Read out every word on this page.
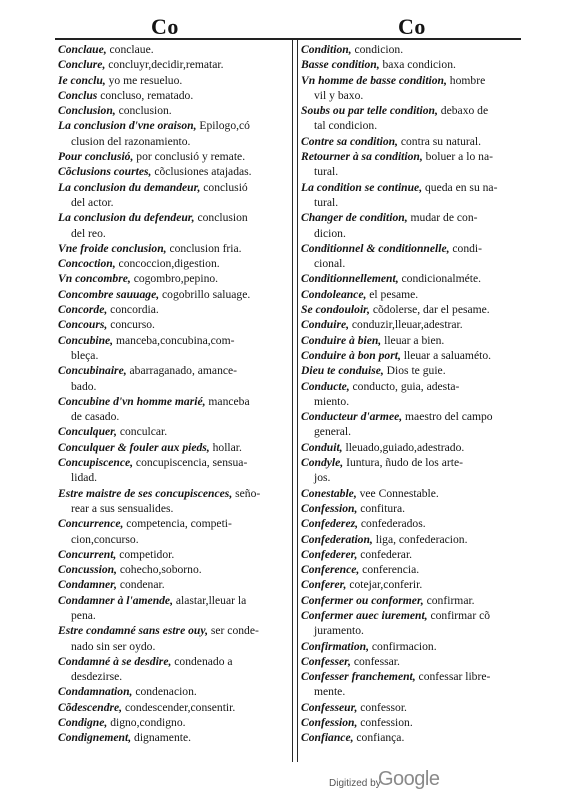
Co	Co
Conclaue, conclaue.
Conclure, concluyr,decidir,rematar.
Ie conclu, yo me resueluo.
Conclus concluso, rematado.
Conclusion, conclusion.
La conclusion d'vne oraison, Epilogo,có
clusion del razonamiento.
Pour conclusió, por conclusió y remate.
Cõclusions courtes, cõclusiones atajadas.
La conclusion du demandeur, conclusió
del actor.
La conclusion du defendeur, conclusion
del reo.
Vne froide conclusion, conclusion fria.
Concoction, concoccion,digestion.
Vn concombre, cogombro,pepino.
Concombre sauuage, cogobrillo saluage.
Concorde, concordia.
Concours, concurso.
Concubine, manceba,concubina,com-
bleça.
Concubinaire, abarraganado, amance-
bado.
Concubine d'vn homme marié, manceba
de casado.
Conculquer, conculcar.
Conculquer & fouler aux pieds, hollar.
Concupiscence, concupiscencia, sensua-
lidad.
Estre maistre de ses concupiscences, seño-
rear a sus sensualides.
Concurrence, competencia, competi-
cion,concurso.
Concurrent, competidor.
Concussion, cohecho,soborno.
Condamner, condenar.
Condamner à l'amende, alastar,lleuar la
pena.
Estre condamné sans estre ouy, ser conde-
nado sin ser oydo.
Condamné à se desdire, condenado a
desdezirse.
Condamnation, condenacion.
Cõdescendre, condescender,consentir.
Condigne, digno,condigno.
Condignement, dignamente.
Condition, condicion.
Basse condition, baxa condicion.
Vn homme de basse condition, hombre
vil y baxo.
Soubs ou par telle condition, debaxo de
tal condicion.
Contre sa condition, contra su natural.
Retourner à sa condition, boluer a lo na-
tural.
La condition se continue, queda en su na-
tural.
Changer de condition, mudar de con-
dicion.
Conditionnel & conditionnelle, condi-
cional.
Conditionnellement, condicionalméte.
Condoleance, el pesame.
Se condouloir, cõdolerse, dar el pesame.
Conduire, conduzir,lleuar,adestrar.
Conduire à bien, lleuar a bien.
Conduire à bon port, lleuar a saluaméto.
Dieu te conduise, Dios te guie.
Conducte, conducto, guia, adesta-
miento.
Conducteur d'armee, maestro del campo
general.
Conduit, lleuado,guiado,adestrado.
Condyle, Iuntura, ñudo de los arte-
jos.
Conestable, vee Connestable.
Confession, confitura.
Confederez, confederados.
Confederation, liga, confederacion.
Confederer, confederar.
Conference, conferencia.
Conferer, cotejar,conferir.
Confermer ou conformer, confirmar.
Confermer auec iurement, confirmar cõ
juramento.
Confirmation, confirmacion.
Confesser, confessar.
Confesser franchement, confessar libre-
mente.
Confesseur, confessor.
Confession, confession.
Confiance, confiança.
Digitized by
Google
